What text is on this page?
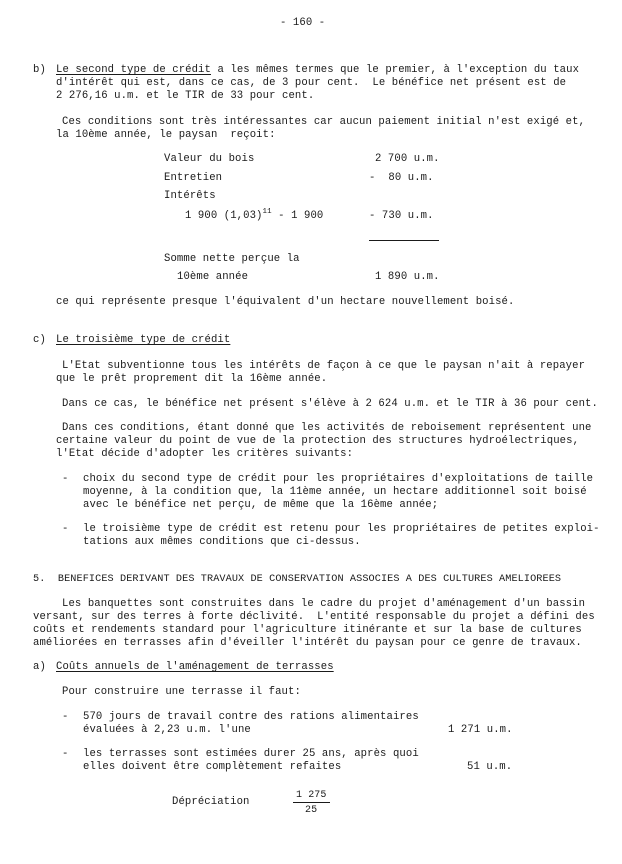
- 160 -
b) Le second type de crédit a les mêmes termes que le premier, à l'exception du taux
d'intérêt qui est, dans ce cas, de 3 pour cent.  Le bénéfice net présent est de
2 276,16 u.m. et le TIR de 33 pour cent.
Ces conditions sont très intéressantes car aucun paiement initial n'est exigé et,
la 10ème année, le paysan  reçoit:
Valeur du bois	2 700 u.m.
Entretien	-  80 u.m.
Intérêts
1 900 $(1,03)^{11} - 1$ 900	- 730 u.m.
Somme nette perçue la
10ème année	1 890 u.m.
ce qui représente presque l'équivalent d'un hectare nouvellement boisé.
c) Le troisième type de crédit
L'Etat subventionne tous les intérêts de façon à ce que le paysan n'ait à repayer
que le prêt proprement dit la 16ème année.
Dans ce cas, le bénéfice net présent s'élève à 2 624 u.m. et le TIR à 36 pour cent.
Dans ces conditions, étant donné que les activités de reboisement représentent une
certaine valeur du point de vue de la protection des structures hydroélectriques,
l'Etat décide d'adopter les critères suivants:
- choix du second type de crédit pour les propriétaires d'exploitations de taille
moyenne, à la condition que, la 11ème année, un hectare additionnel soit boisé
avec le bénéfice net perçu, de même que la 16ème année;
- le troisième type de crédit est retenu pour les propriétaires de petites exploi-
tations aux mêmes conditions que ci-dessus.
5.  BENEFICES DERIVANT DES TRAVAUX DE CONSERVATION ASSOCIES A DES CULTURES AMELIOREES
Les banquettes sont construites dans le cadre du projet d'aménagement d'un bassin
versant, sur des terres à forte déclivité.  L'entité responsable du projet a défini des
coûts et rendements standard pour l'agriculture itinérante et sur la base de cultures
améliorées en terrasses afin d'éveiller l'intérêt du paysan pour ce genre de travaux.
a) Coûts annuels de l'aménagement de terrasses
Pour construire une terrasse il faut:
- 570 jours de travail contre des rations alimentaires
évaluées à 2,23 u.m. l'une	1 271 u.m.
- les terrasses sont estimées durer 25 ans, après quoi
elles doivent être complètement refaites	51 u.m.
Dépréciation
1 275
25
